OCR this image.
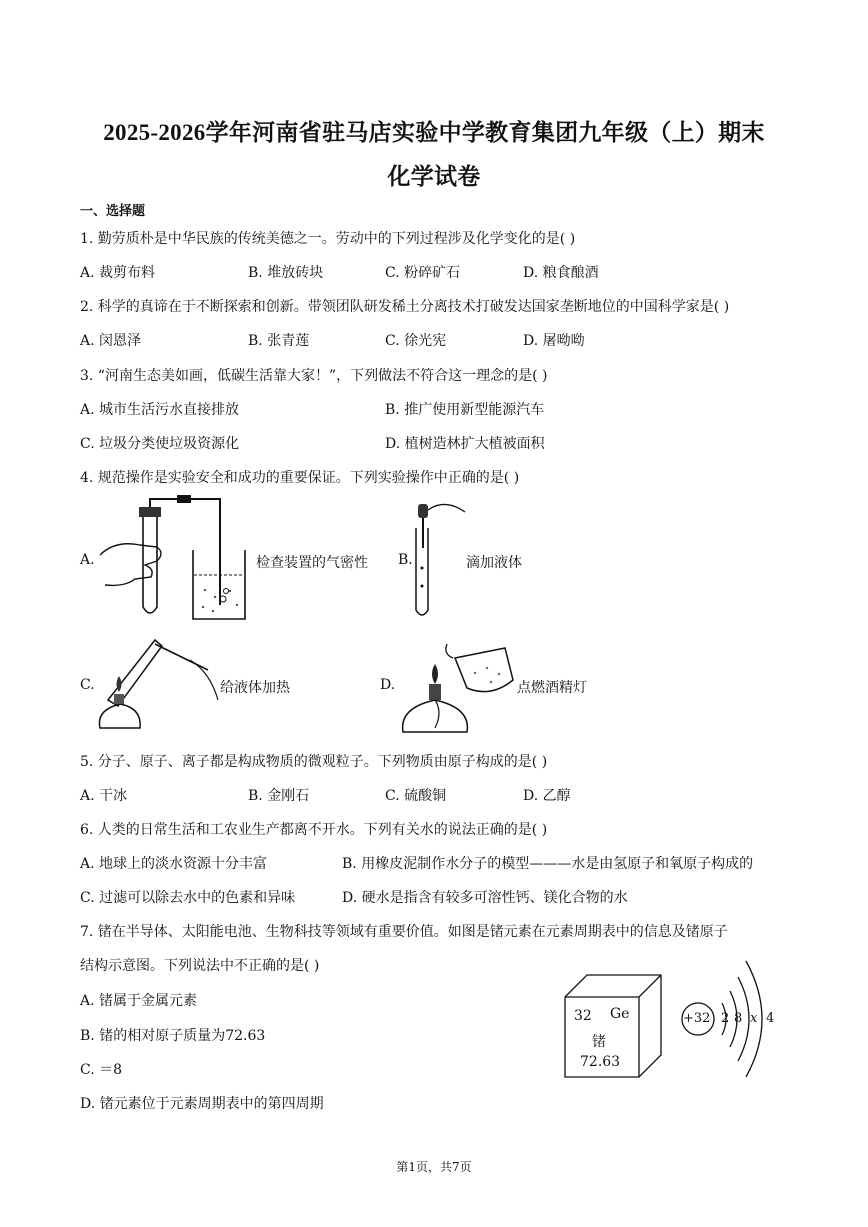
2025-2026学年河南省驻马店实验中学教育集团九年级（上）期末
化学试卷
一、选择题
1. 勤劳质朴是中华民族的传统美德之一。劳动中的下列过程涉及化学变化的是( )
A. 裁剪布料	B. 堆放砖块	C. 粉碎矿石	D. 粮食酿酒
2. 科学的真谛在于不断探索和创新。带领团队研发稀土分离技术打破发达国家垄断地位的中国科学家是( )
A. 闵恩泽	B. 张青莲	C. 徐光宪	D. 屠呦呦
3. “河南生态美如画，低碳生活靠大家！”，下列做法不符合这一理念的是( )
A. 城市生活污水直接排放	B. 推广使用新型能源汽车
C. 垃圾分类使垃圾资源化	D. 植树造林扩大植被面积
4. 规范操作是实验安全和成功的重要保证。下列实验操作中正确的是( )
A.	检查装置的气密性 B.	滴加液体
C.	给液体加热	D.	点燃酒精灯
5. 分子、原子、离子都是构成物质的微观粒子。下列物质由原子构成的是( )
A. 干冰	B. 金刚石	C. 硫酸铜	D. 乙醇
6. 人类的日常生活和工农业生产都离不开水。下列有关水的说法正确的是( )
A. 地球上的淡水资源十分丰富	B. 用橡皮泥制作水分子的模型———水是由氢原子和氧原子构成的
C. 过滤可以除去水中的色素和异味	D. 硬水是指含有较多可溶性钙、镁化合物的水
7. 锗在半导体、太阳能电池、生物科技等领域有重要价值。如图是锗元素在元素周期表中的信息及锗原子
结构示意图。下列说法中不正确的是( )
A. 锗属于金属元素
B. 锗的相对原子质量为72.63
C. ＝8
D. 锗元素位于元素周期表中的第四周期
32 Ge
锗
72.63
+32 2 8 x 4
第1页，共7页
